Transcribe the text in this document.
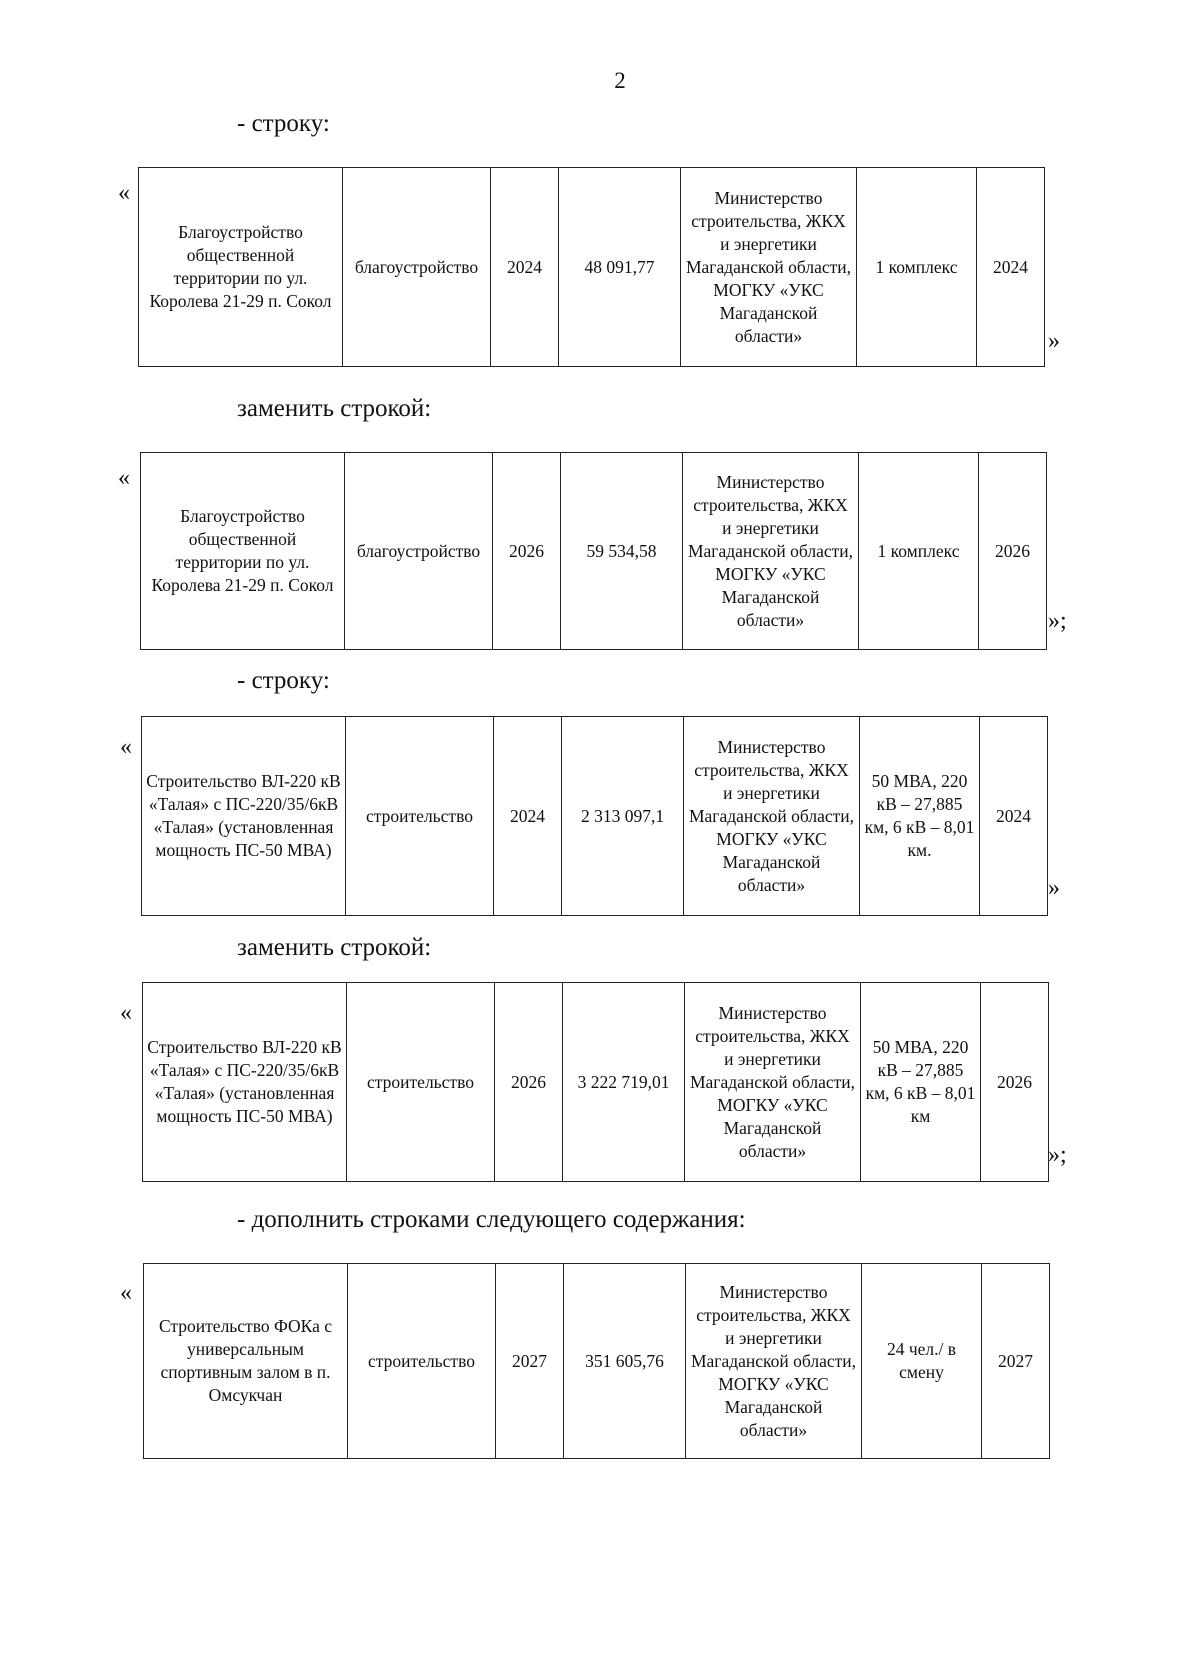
2
- строку:
«
Благоустройство общественной территории по ул. Королева 21-29 п. Сокол	благоустройство	2024	48 091,77	Министерство строительства, ЖКХ и энергетики Магаданской области, МОГКУ «УКС Магаданской области»	1 комплекс	2024
»
заменить строкой:
«
Благоустройство общественной территории по ул. Королева 21-29 п. Сокол	благоустройство	2026	59 534,58	Министерство строительства, ЖКХ и энергетики Магаданской области, МОГКУ «УКС Магаданской области»	1 комплекс	2026
»;
- строку:
«
Строительство ВЛ-220 кВ «Талая» с ПС-220/35/6кВ «Талая» (установленная мощность ПС-50 МВА)	строительство	2024	2 313 097,1	Министерство строительства, ЖКХ и энергетики Магаданской области, МОГКУ «УКС Магаданской области»	50 МВА, 220 кВ – 27,885 км, 6 кВ – 8,01 км.	2024
»
заменить строкой:
«
Строительство ВЛ-220 кВ «Талая» с ПС-220/35/6кВ «Талая» (установленная мощность ПС-50 МВА)	строительство	2026	3 222 719,01	Министерство строительства, ЖКХ и энергетики Магаданской области, МОГКУ «УКС Магаданской области»	50 МВА, 220 кВ – 27,885 км, 6 кВ – 8,01 км	2026
»;
- дополнить строками следующего содержания:
«
Строительство ФОКа с универсальным спортивным залом в п. Омсукчан	строительство	2027	351 605,76	Министерство строительства, ЖКХ и энергетики Магаданской области, МОГКУ «УКС Магаданской области»	24 чел./ в смену	2027
